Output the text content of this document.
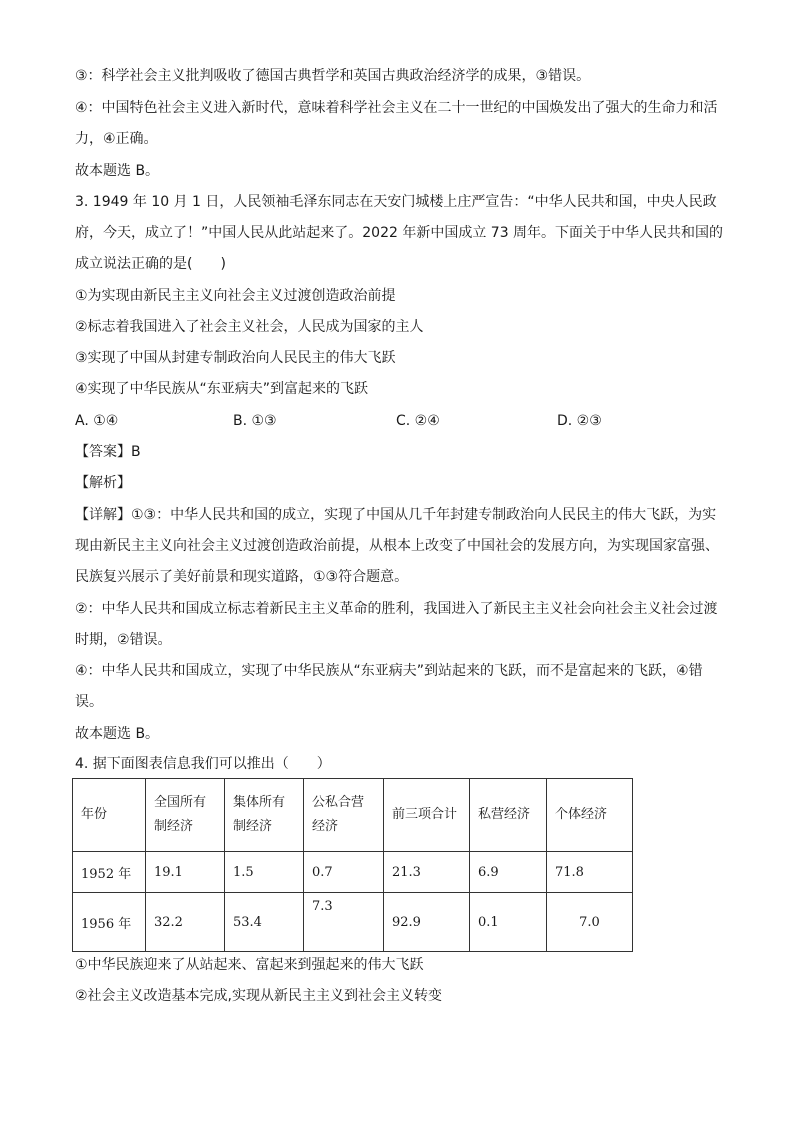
③：科学社会主义批判吸收了德国古典哲学和英国古典政治经济学的成果，③错误。
④：中国特色社会主义进入新时代，意味着科学社会主义在二十一世纪的中国焕发出了强大的生命力和活
力，④正确。
故本题选 B。
3. 1949 年 10 月 1 日，人民领袖毛泽东同志在天安门城楼上庄严宣告：“中华人民共和国，中央人民政
府，今天，成立了！”中国人民从此站起来了。2022 年新中国成立 73 周年。下面关于中华人民共和国的
成立说法正确的是(　　)
①为实现由新民主主义向社会主义过渡创造政治前提
②标志着我国进入了社会主义社会，人民成为国家的主人
③实现了中国从封建专制政治向人民民主的伟大飞跃
④实现了中华民族从“东亚病夫”到富起来的飞跃
A. ①④	B. ①③	C. ②④	D. ②③
【答案】B
【解析】
【详解】①③：中华人民共和国的成立，实现了中国从几千年封建专制政治向人民民主的伟大飞跃，为实
现由新民主主义向社会主义过渡创造政治前提，从根本上改变了中国社会的发展方向，为实现国家富强、
民族复兴展示了美好前景和现实道路，①③符合题意。
②：中华人民共和国成立标志着新民主主义革命的胜利，我国进入了新民主主义社会向社会主义社会过渡
时期，②错误。
④：中华人民共和国成立，实现了中华民族从“东亚病夫”到站起来的飞跃，而不是富起来的飞跃，④错
误。
故本题选 B。
4. 据下面图表信息我们可以推出（　　）
年份	全国所有制经济	集体所有制经济	公私合营经济	前三项合计	私营经济	个体经济
1952 年	19.1	1.5	0.7	21.3	6.9	71.8
1956 年	32.2	53.4	7.3	92.9	0.1	7.0
①中华民族迎来了从站起来、富起来到强起来的伟大飞跃
②社会主义改造基本完成,实现从新民主主义到社会主义转变
